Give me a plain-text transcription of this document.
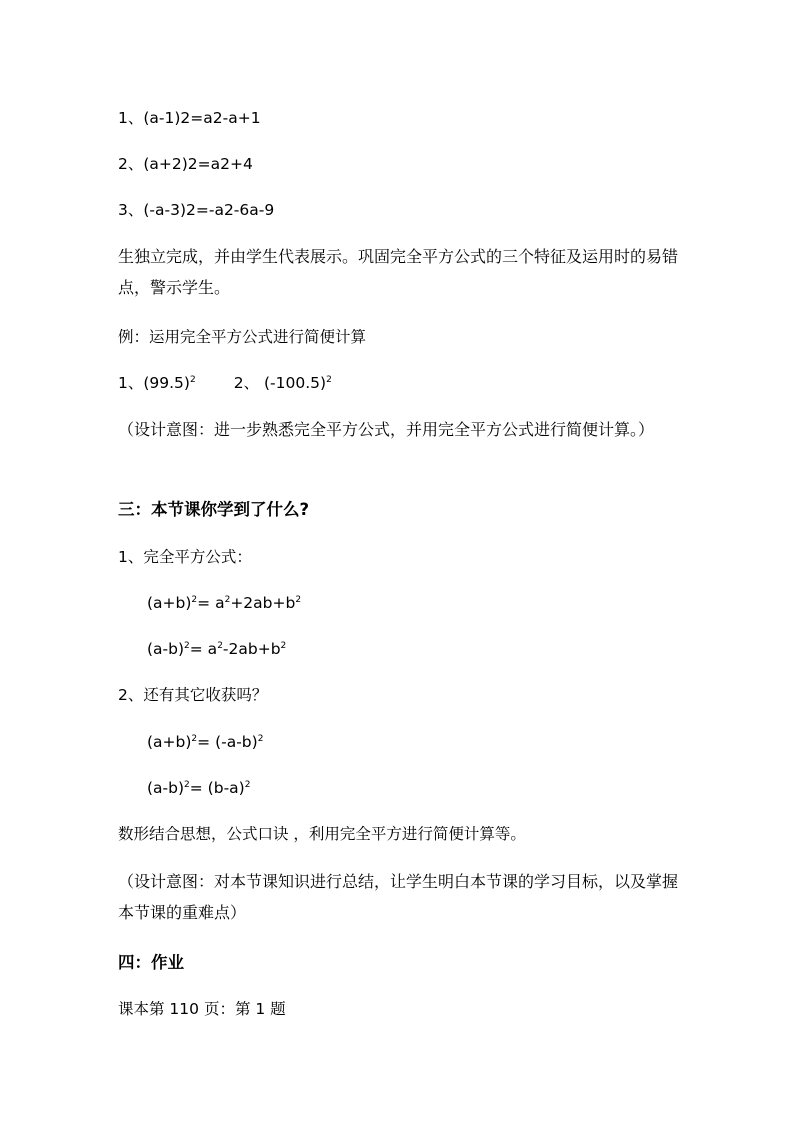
1、(a-1)2=a2-a+1
2、(a+2)2=a2+4
3、(-a-3)2=-a2-6a-9
生独立完成，并由学生代表展示。巩固完全平方公式的三个特征及运用时的易错点，警示学生。
例：运用完全平方公式进行简便计算
1、$(99.5)^2$ 2、 $(-100.5)^2$
（设计意图：进一步熟悉完全平方公式，并用完全平方公式进行简便计算。）
三：本节课你学到了什么?
1、完全平方公式：
$(a+b)^2= a^2+2ab+b^2$
$(a-b)^2= a^2-2ab+b^2$
2、还有其它收获吗？
$(a+b)^2= (-a-b)^2$
$(a-b)^2= (b-a)^2$
数形结合思想，公式口诀 ，利用完全平方进行简便计算等。
（设计意图：对本节课知识进行总结，让学生明白本节课的学习目标，以及掌握本节课的重难点）
四：作业
课本第 110 页：第 1 题
